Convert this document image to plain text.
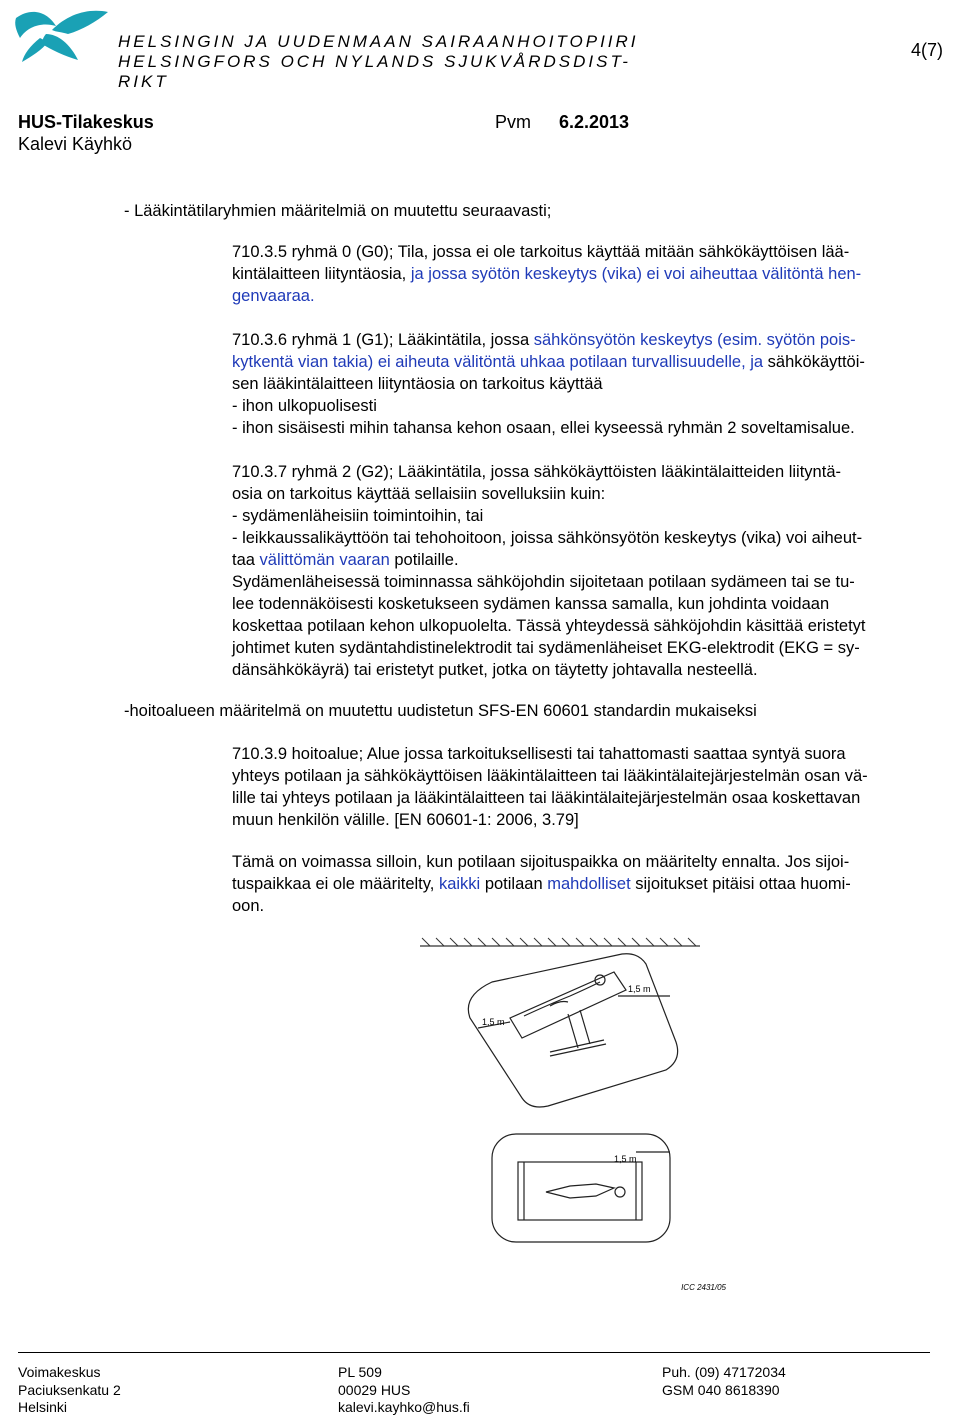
HELSINGIN JA UUDENMAAN SAIRAANHOITOPIIRI
HELSINGFORS OCH NYLANDS SJUKVÅRDSDIST-
RIKT
4(7)
HUS-Tilakeskus
Kalevi Käyhkö
Pvm 6.2.2013
- Lääkintätilaryhmien määritelmiä on muutettu seuraavasti;
710.3.5 ryhmä 0 (G0); Tila, jossa ei ole tarkoitus käyttää mitään sähkökäyttöisen lää-
kintälaitteen liityntäosia, ja jossa syötön keskeytys (vika) ei voi aiheuttaa välitöntä hen-
genvaaraa.
710.3.6 ryhmä 1 (G1); Lääkintätila, jossa sähkönsyötön keskeytys (esim. syötön pois-
kytkentä vian takia) ei aiheuta välitöntä uhkaa potilaan turvallisuudelle, ja sähkökäyttöi-
sen lääkintälaitteen liityntäosia on tarkoitus käyttää
- ihon ulkopuolisesti
- ihon sisäisesti mihin tahansa kehon osaan, ellei kyseessä ryhmän 2 soveltamisalue.
710.3.7 ryhmä 2 (G2); Lääkintätila, jossa sähkökäyttöisten lääkintälaitteiden liityntä-
osia on tarkoitus käyttää sellaisiin sovelluksiin kuin:
- sydämenläheisiin toimintoihin, tai
- leikkaussalikäyttöön tai tehohoitoon, joissa sähkönsyötön keskeytys (vika) voi aiheut-
taa välittömän vaaran potilaille.
Sydämenläheisessä toiminnassa sähköjohdin sijoitetaan potilaan sydämeen tai se tu-
lee todennäköisesti kosketukseen sydämen kanssa samalla, kun johdinta voidaan
koskettaa potilaan kehon ulkopuolelta. Tässä yhteydessä sähköjohdin käsittää eristetyt
johtimet kuten sydäntahdistinelektrodit tai sydämenläheiset EKG-elektrodit (EKG = sy-
dänsähkökäyrä) tai eristetyt putket, jotka on täytetty johtavalla nesteellä.
-hoitoalueen määritelmä on muutettu uudistetun SFS-EN 60601 standardin mukaiseksi
710.3.9 hoitoalue; Alue jossa tarkoituksellisesti tai tahattomasti saattaa syntyä suora
yhteys potilaan ja sähkökäyttöisen lääkintälaitteen tai lääkintälaitejärjestelmän osan vä-
lille tai yhteys potilaan ja lääkintälaitteen tai lääkintälaitejärjestelmän osaa koskettavan
muun henkilön välille. [EN 60601-1: 2006, 3.79]
Tämä on voimassa silloin, kun potilaan sijoituspaikka on määritelty ennalta. Jos sijoi-
tuspaikkaa ei ole määritelty, kaikki potilaan mahdolliset sijoitukset pitäisi ottaa huomi-
oon.
1,5 m
1,5 m
1,5 m
ICC 2431/05
Voimakeskus
Paciuksenkatu 2
Helsinki
PL 509
00029 HUS
kalevi.kayhko@hus.fi
Puh. (09) 47172034
GSM 040 8618390
